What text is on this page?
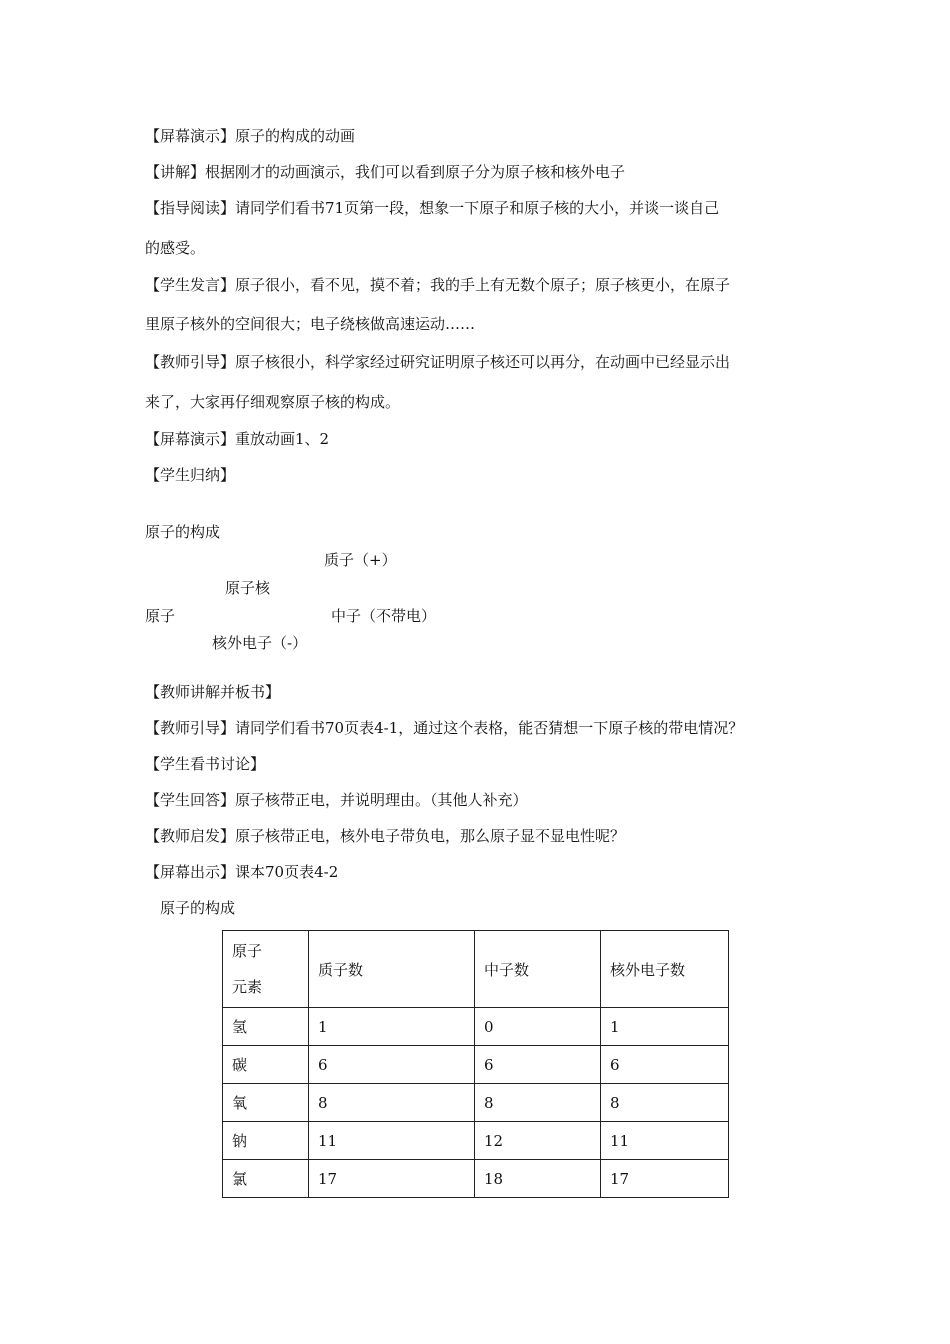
【屏幕演示】原子的构成的动画
【讲解】根据刚才的动画演示，我们可以看到原子分为原子核和核外电子
【指导阅读】请同学们看书71页第一段，想象一下原子和原子核的大小，并谈一谈自己
的感受。
【学生发言】原子很小，看不见，摸不着；我的手上有无数个原子；原子核更小，在原子
里原子核外的空间很大；电子绕核做高速运动……
【教师引导】原子核很小，科学家经过研究证明原子核还可以再分，在动画中已经显示出
来了，大家再仔细观察原子核的构成。
【屏幕演示】重放动画1、2
【学生归纳】
原子的构成
质子（+）
原子核
原子	中子（不带电）
核外电子（-）
【教师讲解并板书】
【教师引导】请同学们看书70页表4-1，通过这个表格，能否猜想一下原子核的带电情况？
【学生看书讨论】
【学生回答】原子核带正电，并说明理由。（其他人补充）
【教师启发】原子核带正电，核外电子带负电，那么原子显不显电性呢？
【屏幕出示】课本70页表4-2
原子的构成
原子
元素	质子数	中子数	核外电子数
氢	1	0	1
碳	6	6	6
氧	8	8	8
钠	11	12	11
氯	17	18	17
